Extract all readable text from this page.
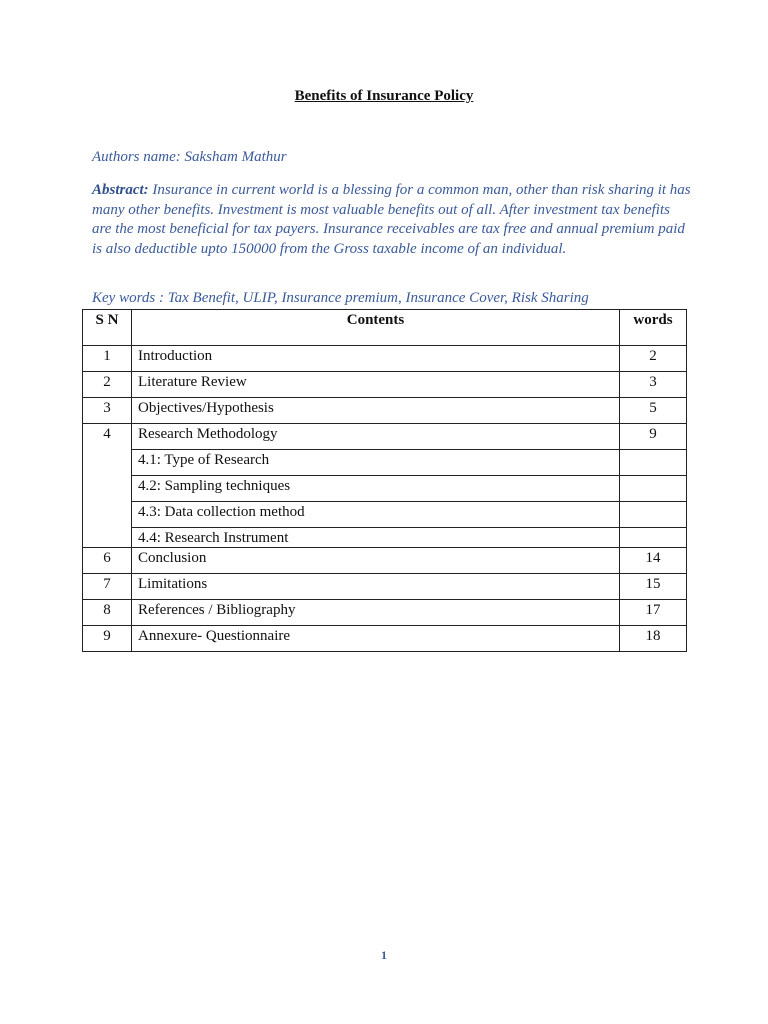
Benefits of Insurance Policy
Authors name: Saksham Mathur
Abstract: Insurance in current world is a blessing for a common man, other than risk sharing it has many other benefits. Investment is most valuable benefits out of all. After investment tax benefits are the most beneficial for tax payers. Insurance receivables are tax free and annual premium paid is also deductible upto 150000 from the Gross taxable income of an individual.
Key words : Tax Benefit, ULIP, Insurance premium, Insurance Cover, Risk Sharing
S N	Contents	words
1	Introduction	2
2	Literature Review	3
3	Objectives/Hypothesis	5
4	Research Methodology	9
	4.1: Type of Research	
	4.2: Sampling techniques	
	4.3: Data collection method	
	4.4: Research Instrument	
6	Conclusion	14
7	Limitations	15
8	References / Bibliography	17
9	Annexure- Questionnaire	18
1
